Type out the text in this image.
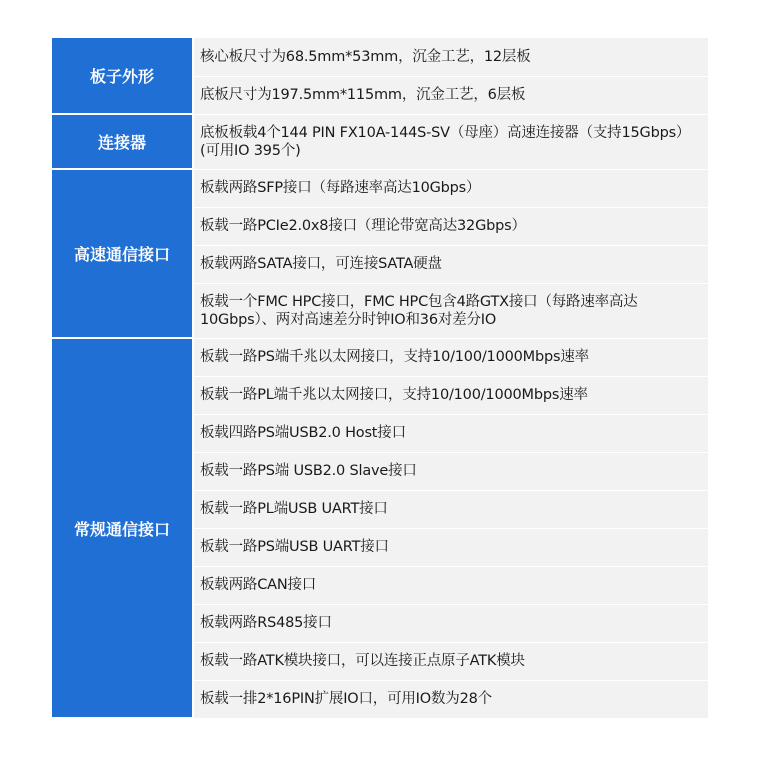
板子外形	核心板尺寸为68.5mm*53mm，沉金工艺，12层板
	底板尺寸为197.5mm*115mm，沉金工艺，6层板
连接器	底板板载4个144 PIN FX10A-144S-SV（母座）高速连接器（支持15Gbps）(可用IO 395个)
高速通信接口	板载两路SFP接口（每路速率高达10Gbps）
	板载一路PCIe2.0x8接口（理论带宽高达32Gbps）
	板载两路SATA接口，可连接SATA硬盘
	板载一个FMC HPC接口，FMC HPC包含4路GTX接口（每路速率高达10Gbps）、两对高速差分时钟IO和36对差分IO
常规通信接口	板载一路PS端千兆以太网接口，支持10/100/1000Mbps速率
	板载一路PL端千兆以太网接口，支持10/100/1000Mbps速率
	板载四路PS端USB2.0 Host接口
	板载一路PS端 USB2.0 Slave接口
	板载一路PL端USB UART接口
	板载一路PS端USB UART接口
	板载两路CAN接口
	板载两路RS485接口
	板载一路ATK模块接口，可以连接正点原子ATK模块
	板载一排2*16PIN扩展IO口，可用IO数为28个
